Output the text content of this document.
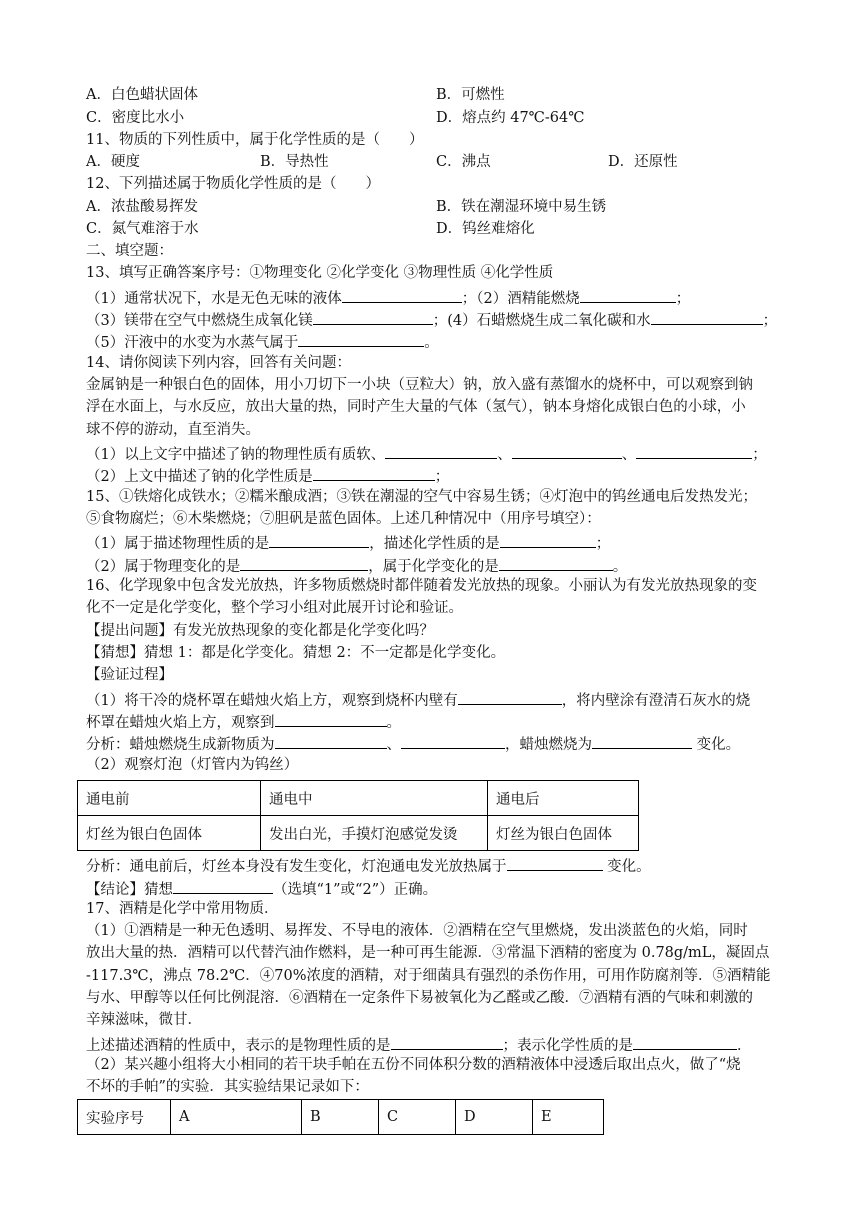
A．白色蜡状固体	B．可燃性
C．密度比水小	D．熔点约 47℃-64℃
11、物质的下列性质中，属于化学性质的是（　　）
A．硬度	B．导热性	C．沸点	D．还原性
12、下列描述属于物质化学性质的是（　　）
A．浓盐酸易挥发	B．铁在潮湿环境中易生锈
C．氮气难溶于水	D．钨丝难熔化
二、填空题：
13、填写正确答案序号：①物理变化 ②化学变化 ③物理性质 ④化学性质
（1）通常状况下，水是无色无味的液体	；（2）酒精能燃烧	；
（3）镁带在空气中燃烧生成氧化镁	；(4）石蜡燃烧生成二氧化碳和水	；
（5）汗液中的水变为水蒸气属于	。
14、请你阅读下列内容，回答有关问题：
金属钠是一种银白色的固体，用小刀切下一小块（豆粒大）钠，放入盛有蒸馏水的烧杯中，可以观察到钠
浮在水面上，与水反应，放出大量的热，同时产生大量的气体（氢气），钠本身熔化成银白色的小球，小
球不停的游动，直至消失。
（1）以上文字中描述了钠的物理性质有质软、	、	、	；
（2）上文中描述了钠的化学性质是	；
15、①铁熔化成铁水；②糯米酿成酒；③铁在潮湿的空气中容易生锈；④灯泡中的钨丝通电后发热发光；
⑤食物腐烂；⑥木柴燃烧；⑦胆矾是蓝色固体。上述几种情况中（用序号填空）：
（1）属于描述物理性质的是	，描述化学性质的是	；
（2）属于物理变化的是	，属于化学变化的是	。
16、化学现象中包含发光放热，许多物质燃烧时都伴随着发光放热的现象。小丽认为有发光放热现象的变
化不一定是化学变化，整个学习小组对此展开讨论和验证。
【提出问题】有发光放热现象的变化都是化学变化吗？
【猜想】猜想 1：都是化学变化。猜想 2：不一定都是化学变化。
【验证过程】
（1）将干冷的烧杯罩在蜡烛火焰上方，观察到烧杯内壁有	，将内壁涂有澄清石灰水的烧
杯罩在蜡烛火焰上方，观察到	。
分析：蜡烛燃烧生成新物质为	、	，蜡烛燃烧为	变化。
（2）观察灯泡（灯管内为钨丝）
通电前	通电中	通电后
灯丝为银白色固体	发出白光，手摸灯泡感觉发烫	灯丝为银白色固体
分析：通电前后，灯丝本身没有发生变化，灯泡通电发光放热属于	变化。
【结论】猜想	（选填“1”或“2”）正确。
17、酒精是化学中常用物质．
（1）①酒精是一种无色透明、易挥发、不导电的液体．②酒精在空气里燃烧，发出淡蓝色的火焰，同时
放出大量的热．酒精可以代替汽油作燃料，是一种可再生能源．③常温下酒精的密度为 0.78g/mL，凝固点
-117.3℃，沸点 78.2℃．④70%浓度的酒精，对于细菌具有强烈的杀伤作用，可用作防腐剂等．⑤酒精能
与水、甲醇等以任何比例混溶．⑥酒精在一定条件下易被氧化为乙醛或乙酸．⑦酒精有酒的气味和刺激的
辛辣滋味，微甘．
上述描述酒精的性质中，表示的是物理性质的是	；表示化学性质的是	．
（2）某兴趣小组将大小相同的若干块手帕在五份不同体积分数的酒精液体中浸透后取出点火，做了“烧
不坏的手帕”的实验．其实验结果记录如下：
实验序号	A	B	C	D	E
